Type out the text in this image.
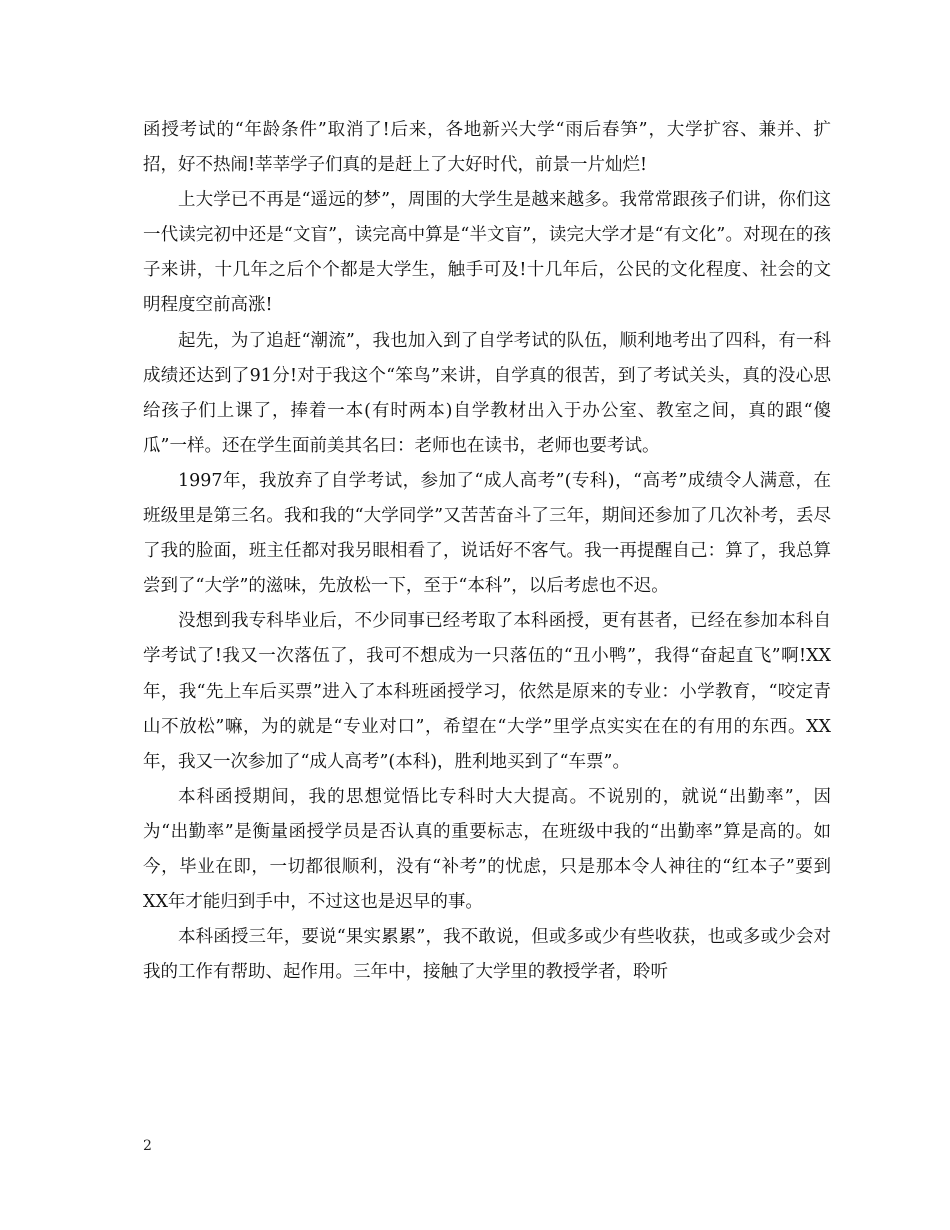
函授考试的“年龄条件”取消了!后来，各地新兴大学“雨后春笋”，大学扩容、兼并、扩招，好不热闹!莘莘学子们真的是赶上了大好时代，前景一片灿烂!

上大学已不再是“遥远的梦”，周围的大学生是越来越多。我常常跟孩子们讲，你们这一代读完初中还是“文盲”，读完高中算是“半文盲”，读完大学才是“有文化”。对现在的孩子来讲，十几年之后个个都是大学生，触手可及!十几年后，公民的文化程度、社会的文明程度空前高涨!

起先，为了追赶“潮流”，我也加入到了自学考试的队伍，顺利地考出了四科，有一科成绩还达到了91分!对于我这个“笨鸟”来讲，自学真的很苦，到了考试关头，真的没心思给孩子们上课了，捧着一本(有时两本)自学教材出入于办公室、教室之间，真的跟“傻瓜”一样。还在学生面前美其名曰：老师也在读书，老师也要考试。

1997年，我放弃了自学考试，参加了“成人高考”(专科)，“高考”成绩令人满意，在班级里是第三名。我和我的“大学同学”又苦苦奋斗了三年，期间还参加了几次补考，丢尽了我的脸面，班主任都对我另眼相看了，说话好不客气。我一再提醒自己：算了，我总算尝到了“大学”的滋味，先放松一下，至于“本科”，以后考虑也不迟。

没想到我专科毕业后，不少同事已经考取了本科函授，更有甚者，已经在参加本科自学考试了!我又一次落伍了，我可不想成为一只落伍的“丑小鸭”，我得“奋起直飞”啊!XX年，我“先上车后买票”进入了本科班函授学习，依然是原来的专业：小学教育，“咬定青山不放松”嘛，为的就是“专业对口”，希望在“大学”里学点实实在在的有用的东西。XX年，我又一次参加了“成人高考”(本科)，胜利地买到了“车票”。

本科函授期间，我的思想觉悟比专科时大大提高。不说别的，就说“出勤率”，因为“出勤率”是衡量函授学员是否认真的重要标志，在班级中我的“出勤率”算是高的。如今，毕业在即，一切都很顺利，没有“补考”的忧虑，只是那本令人神往的“红本子”要到XX年才能归到手中，不过这也是迟早的事。

本科函授三年，要说“果实累累”，我不敢说，但或多或少有些收获，也或多或少会对我的工作有帮助、起作用。三年中，接触了大学里的教授学者，聆听

2
